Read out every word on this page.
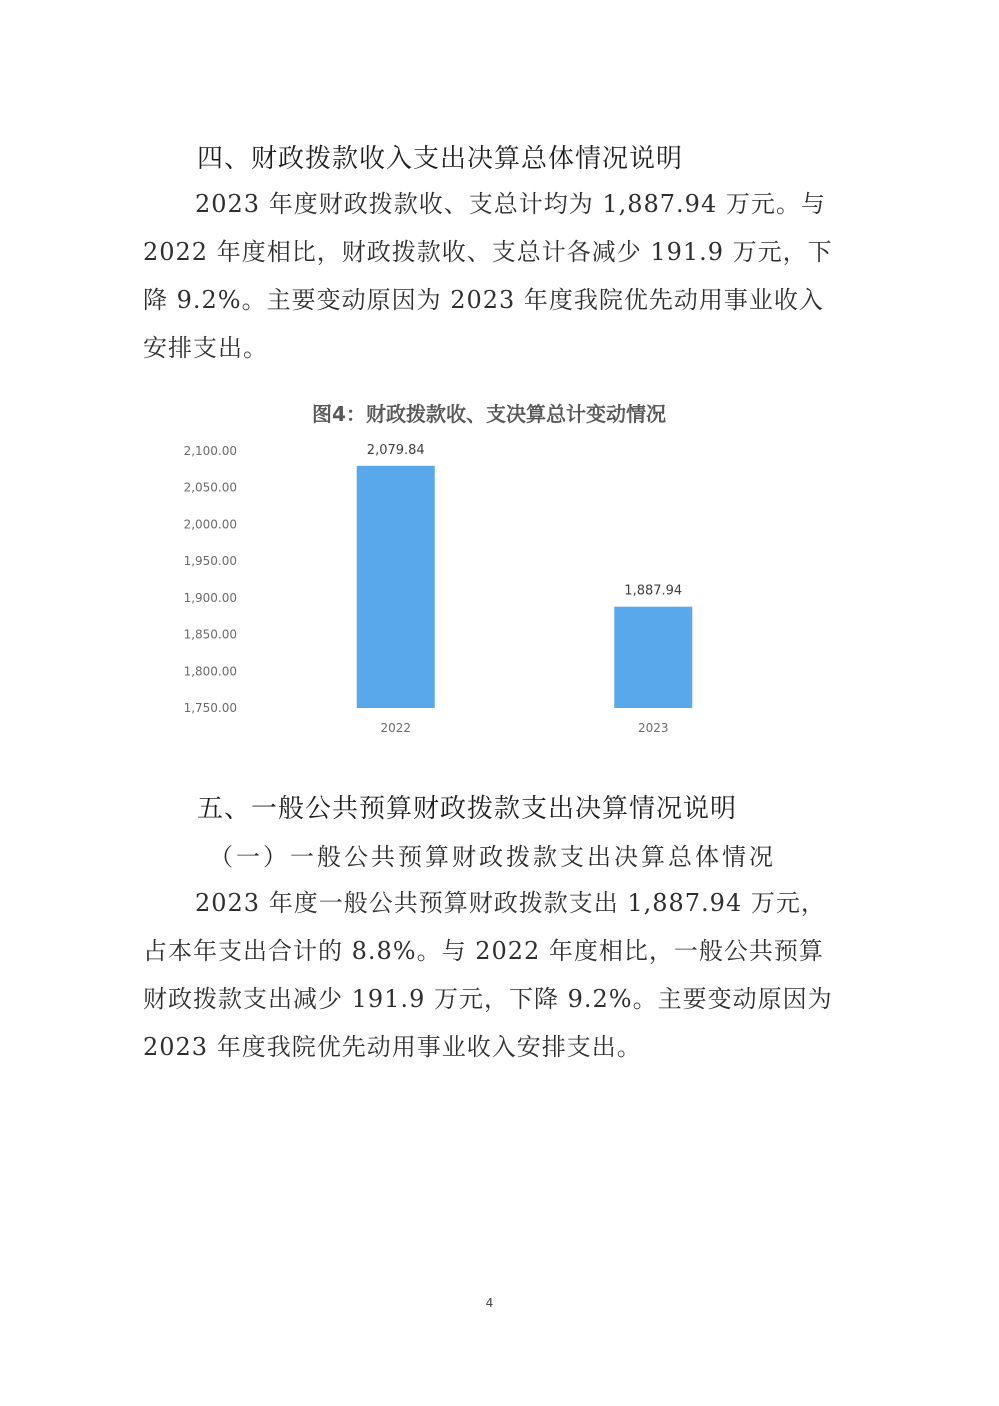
四、财政拨款收入支出决算总体情况说明
2023 年度财政拨款收、支总计均为 1,887.94 万元。与
2022 年度相比，财政拨款收、支总计各减少 191.9 万元，下
降 9.2%。主要变动原因为 2023 年度我院优先动用事业收入
安排支出。
图4：财政拨款收、支决算总计变动情况
1,750.00
1,800.00
1,850.00
1,900.00
1,950.00
2,000.00
2,050.00
2,100.00	2,079.84
1,887.94
2022	2023
五、一般公共预算财政拨款支出决算情况说明
（一）一般公共预算财政拨款支出决算总体情况
2023 年度一般公共预算财政拨款支出 1,887.94 万元，
占本年支出合计的 8.8%。与 2022 年度相比，一般公共预算
财政拨款支出减少 191.9 万元，下降 9.2%。主要变动原因为
2023 年度我院优先动用事业收入安排支出。
4
